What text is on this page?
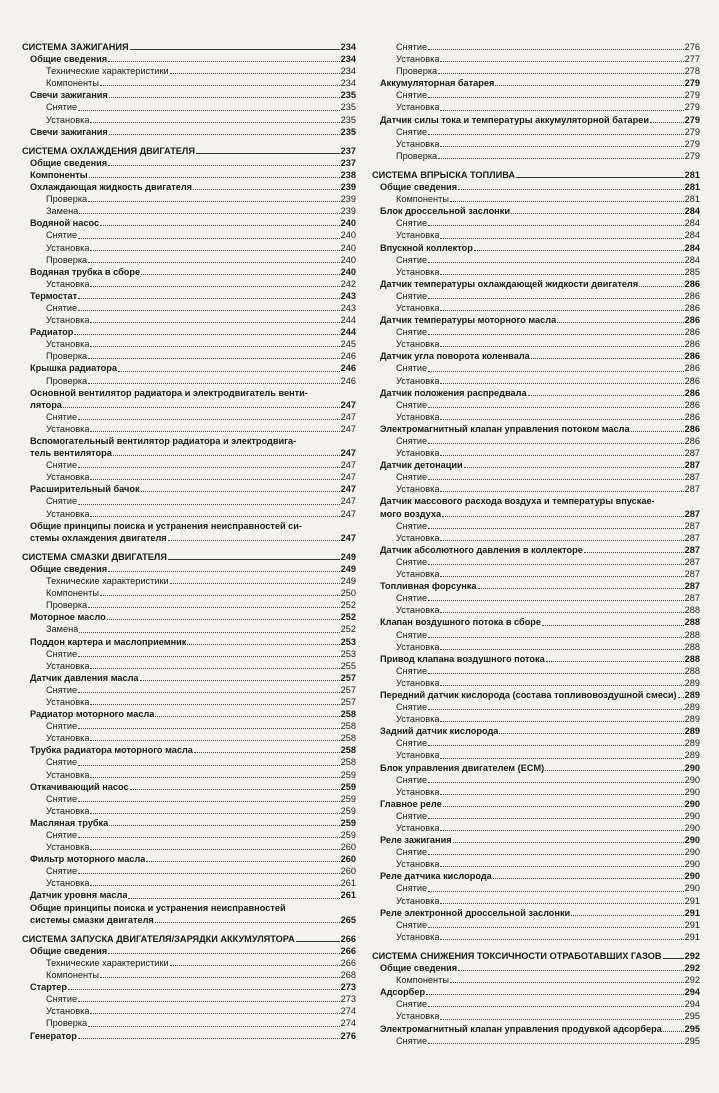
СИСТЕМА ЗАЖИГАНИЯ	234
Общие сведения	234
Технические характеристики	234
Компоненты	234
Свечи зажигания	235
Снятие	235
Установка	235
Свечи зажигания	235
СИСТЕМА ОХЛАЖДЕНИЯ ДВИГАТЕЛЯ	237
Общие сведения	237
Компоненты	238
Охлаждающая жидкость двигателя	239
Проверка	239
Замена	239
Водяной насос	240
Снятие	240
Установка	240
Проверка	240
Водяная трубка в сборе	240
Установка	242
Термостат	243
Снятие	243
Установка	244
Радиатор	244
Установка	245
Проверка	246
Крышка радиатора	246
Проверка	246
Основной вентилятор радиатора и электродвигатель венти-
лятора	247
Снятие	247
Установка	247
Вспомогательный вентилятор радиатора и электродвига-
тель вентилятора	247
Снятие	247
Установка	247
Расширительный бачок	247
Снятие	247
Установка	247
Общие принципы поиска и устранения неисправностей си-
стемы охлаждения двигателя	247
СИСТЕМА СМАЗКИ ДВИГАТЕЛЯ	249
Общие сведения	249
Технические характеристики	249
Компоненты	250
Проверка	252
Моторное масло	252
Замена	252
Поддон картера и маслоприемник	253
Снятие	253
Установка	255
Датчик давления масла	257
Снятие	257
Установка	257
Радиатор моторного масла	258
Снятие	258
Установка	258
Трубка радиатора моторного масла	258
Снятие	258
Установка	259
Откачивающий насос	259
Снятие	259
Установка	259
Масляная трубка	259
Снятие	259
Установка	260
Фильтр моторного масла	260
Снятие	260
Установка	261
Датчик уровня масла	261
Общие принципы поиска и устранения неисправностей
системы смазки двигателя	265
СИСТЕМА ЗАПУСКА ДВИГАТЕЛЯ/ЗАРЯДКИ АККУМУЛЯТОРА	266
Общие сведения	266
Технические характеристики	266
Компоненты	268
Стартер	273
Снятие	273
Установка	274
Проверка	274
Генератор	276
Снятие	276
Установка	277
Проверка	278
Аккумуляторная батарея	279
Снятие	279
Установка	279
Датчик силы тока и температуры аккумуляторной батареи	279
Снятие	279
Установка	279
Проверка	279
СИСТЕМА ВПРЫСКА ТОПЛИВА	281
Общие сведения	281
Компоненты	281
Блок дроссельной заслонки	284
Снятие	284
Установка	284
Впускной коллектор	284
Снятие	284
Установка	285
Датчик температуры охлаждающей жидкости двигателя	286
Снятие	286
Установка	286
Датчик температуры моторного масла	286
Снятие	286
Установка	286
Датчик угла поворота коленвала	286
Снятие	286
Установка	286
Датчик положения распредвала	286
Снятие	286
Установка	286
Электромагнитный клапан управления потоком масла	286
Снятие	286
Установка	287
Датчик детонации	287
Снятие	287
Установка	287
Датчик массового расхода воздуха и температуры впускае-
мого воздуха	287
Снятие	287
Установка	287
Датчик абсолютного давления в коллекторе	287
Снятие	287
Установка	287
Топливная форсунка	287
Снятие	287
Установка	288
Клапан воздушного потока в сборе	288
Снятие	288
Установка	288
Привод клапана воздушного потока	288
Снятие	288
Установка	289
Передний датчик кислорода (состава топливовоздушной смеси) 289
Снятие	289
Установка	289
Задний датчик кислорода	289
Снятие	289
Установка	289
Блок управления двигателем (ECM)	290
Снятие	290
Установка	290
Главное реле	290
Снятие	290
Установка	290
Реле зажигания	290
Снятие	290
Установка	290
Реле датчика кислорода	290
Снятие	290
Установка	291
Реле электронной дроссельной заслонки	291
Снятие	291
Установка	291
СИСТЕМА СНИЖЕНИЯ ТОКСИЧНОСТИ ОТРАБОТАВШИХ ГАЗОВ	292
Общие сведения	292
Компоненты	292
Адсорбер	294
Снятие	294
Установка	295
Электромагнитный клапан управления продувкой адсорбера 295
Снятие	295
